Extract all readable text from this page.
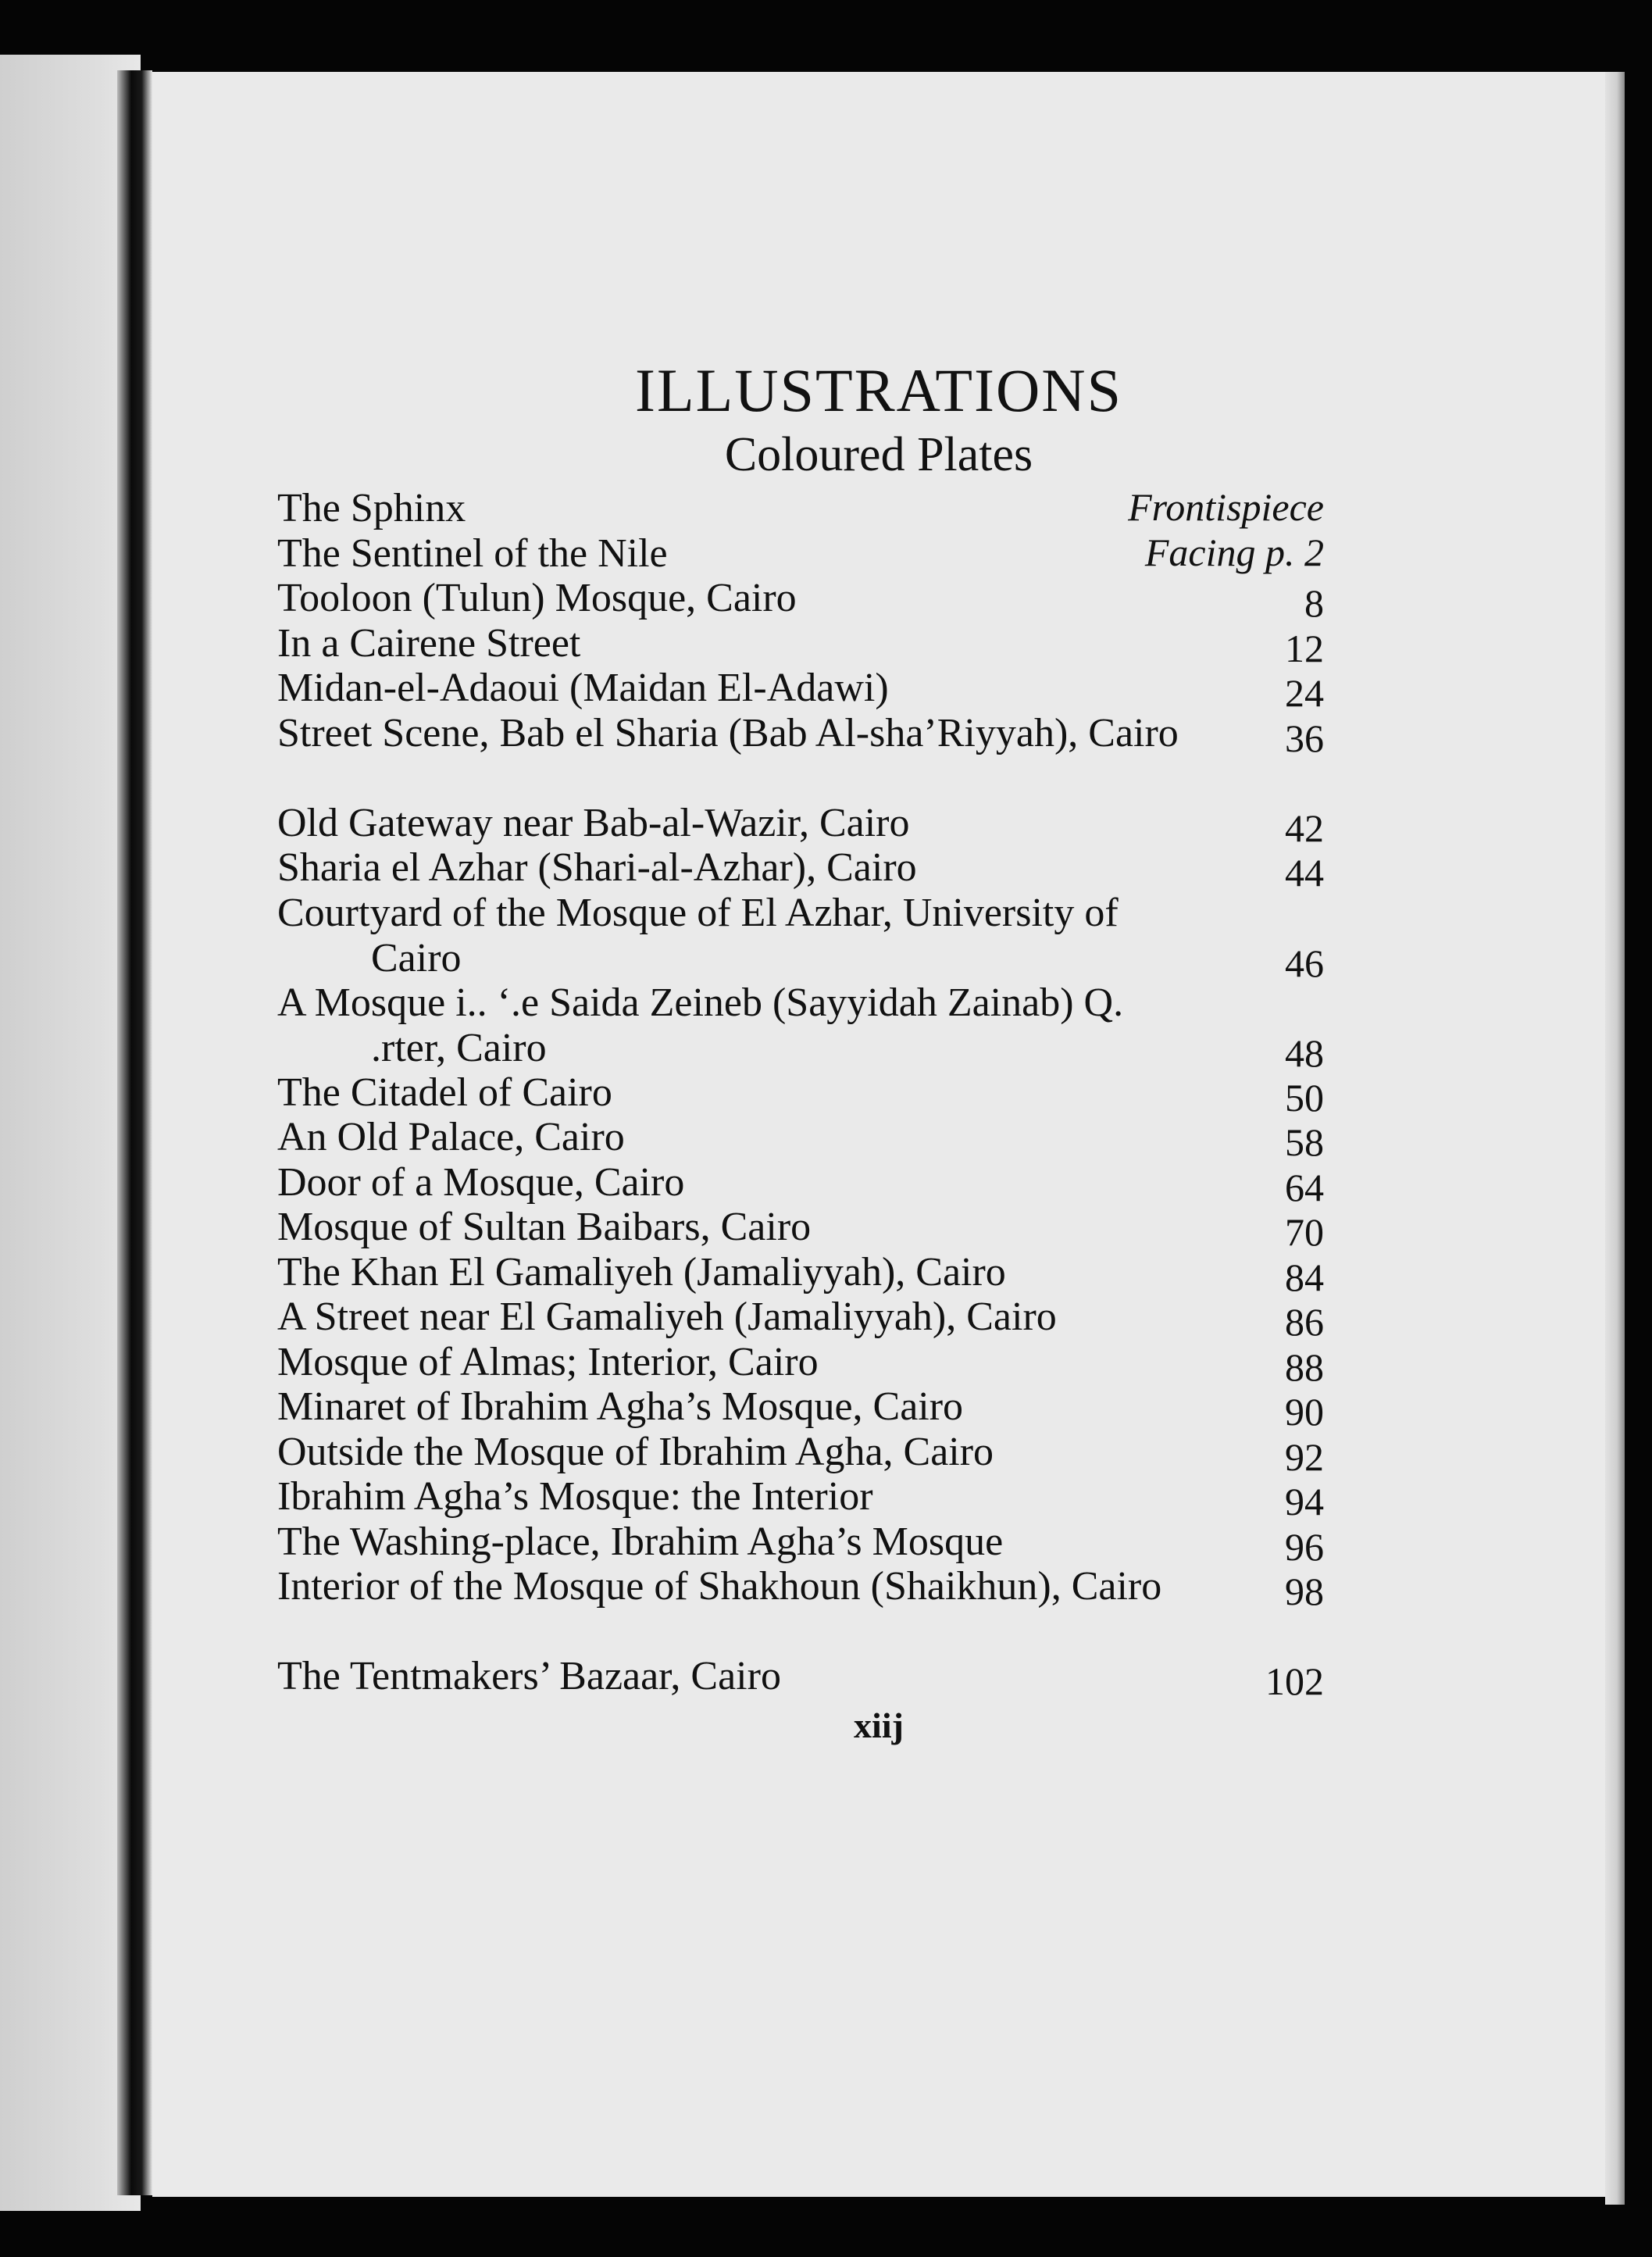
ILLUSTRATIONS
Coloured Plates
The Sphinx	Frontispiece
The Sentinel of the Nile	Facing p. 2
Tooloon (Tulun) Mosque, Cairo	8
In a Cairene Street	12
Midan-el-Adaoui (Maidan El-Adawi)	24
Street Scene, Bab el Sharia (Bab Al-sha’Riyyah), Cairo	36
Old Gateway near Bab-al-Wazir, Cairo	42
Sharia el Azhar (Shari-al-Azhar), Cairo	44
Courtyard of the Mosque of El Azhar, University of Cairo	46
A Mosque i.. ‘.e Saida Zeineb (Sayyidah Zainab) Q. .rter, Cairo	48
The Citadel of Cairo	50
An Old Palace, Cairo	58
Door of a Mosque, Cairo	64
Mosque of Sultan Baibars, Cairo	70
The Khan El Gamaliyeh (Jamaliyyah), Cairo	84
A Street near El Gamaliyeh (Jamaliyyah), Cairo	86
Mosque of Almas; Interior, Cairo	88
Minaret of Ibrahim Agha’s Mosque, Cairo	90
Outside the Mosque of Ibrahim Agha, Cairo	92
Ibrahim Agha’s Mosque: the Interior	94
The Washing-place, Ibrahim Agha’s Mosque	96
Interior of the Mosque of Shakhoun (Shaikhun), Cairo	98
The Tentmakers’ Bazaar, Cairo	102
xiij
